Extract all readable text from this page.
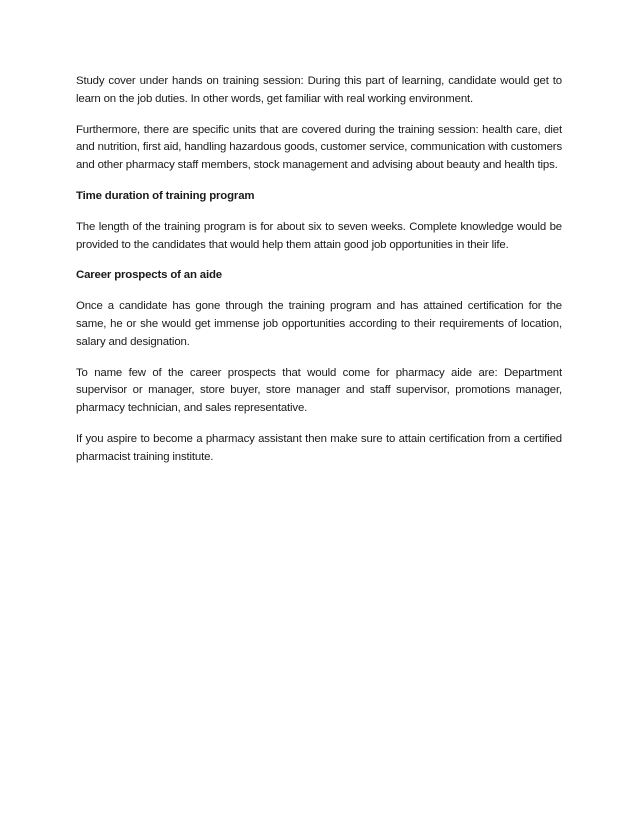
Study cover under hands on training session: During this part of learning, candidate would get to learn on the job duties. In other words, get familiar with real working environment.

Furthermore, there are specific units that are covered during the training session: health care, diet and nutrition, first aid, handling hazardous goods, customer service, communication with customers and other pharmacy staff members, stock management and advising about beauty and health tips.

Time duration of training program

The length of the training program is for about six to seven weeks. Complete knowledge would be provided to the candidates that would help them attain good job opportunities in their life.

Career prospects of an aide

Once a candidate has gone through the training program and has attained certification for the same, he or she would get immense job opportunities according to their requirements of location, salary and designation.

To name few of the career prospects that would come for pharmacy aide are: Department supervisor or manager, store buyer, store manager and staff supervisor, promotions manager, pharmacy technician, and sales representative.

If you aspire to become a pharmacy assistant then make sure to attain certification from a certified pharmacist training institute.
